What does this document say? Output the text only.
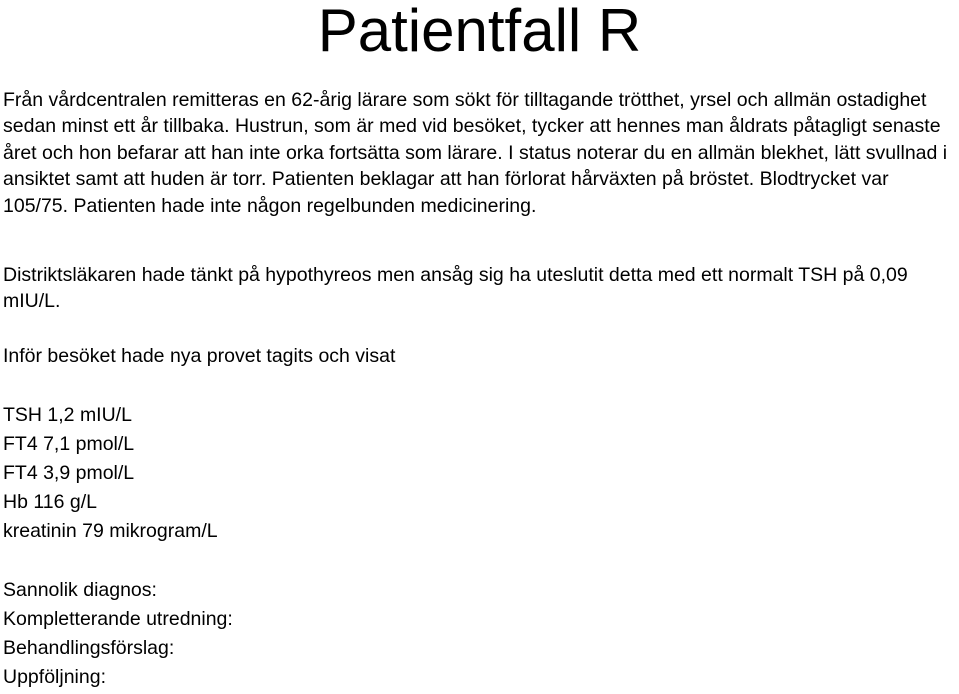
Patientfall R

Från vårdcentralen remitteras en 62-årig lärare som sökt för tilltagande trötthet, yrsel och allmän ostadighet sedan minst ett år tillbaka. Hustrun, som är med vid besöket, tycker att hennes man åldrats påtagligt senaste året och hon befarar att han inte orka fortsätta som lärare. I status noterar du en allmän blekhet, lätt svullnad i ansiktet samt att huden är torr. Patienten beklagar att han förlorat hårväxten på bröstet. Blodtrycket var 105/75. Patienten hade inte någon regelbunden medicinering.

Distriktsläkaren hade tänkt på hypothyreos men ansåg sig ha uteslutit detta med ett normalt TSH på 0,09 mIU/L.

Inför besöket hade nya provet tagits och visat

TSH 1,2 mIU/L
FT4 7,1 pmol/L
FT4 3,9 pmol/L
Hb 116 g/L
kreatinin 79 mikrogram/L
Sannolik diagnos:
Kompletterande utredning:
Behandlingsförslag:
Uppföljning:
